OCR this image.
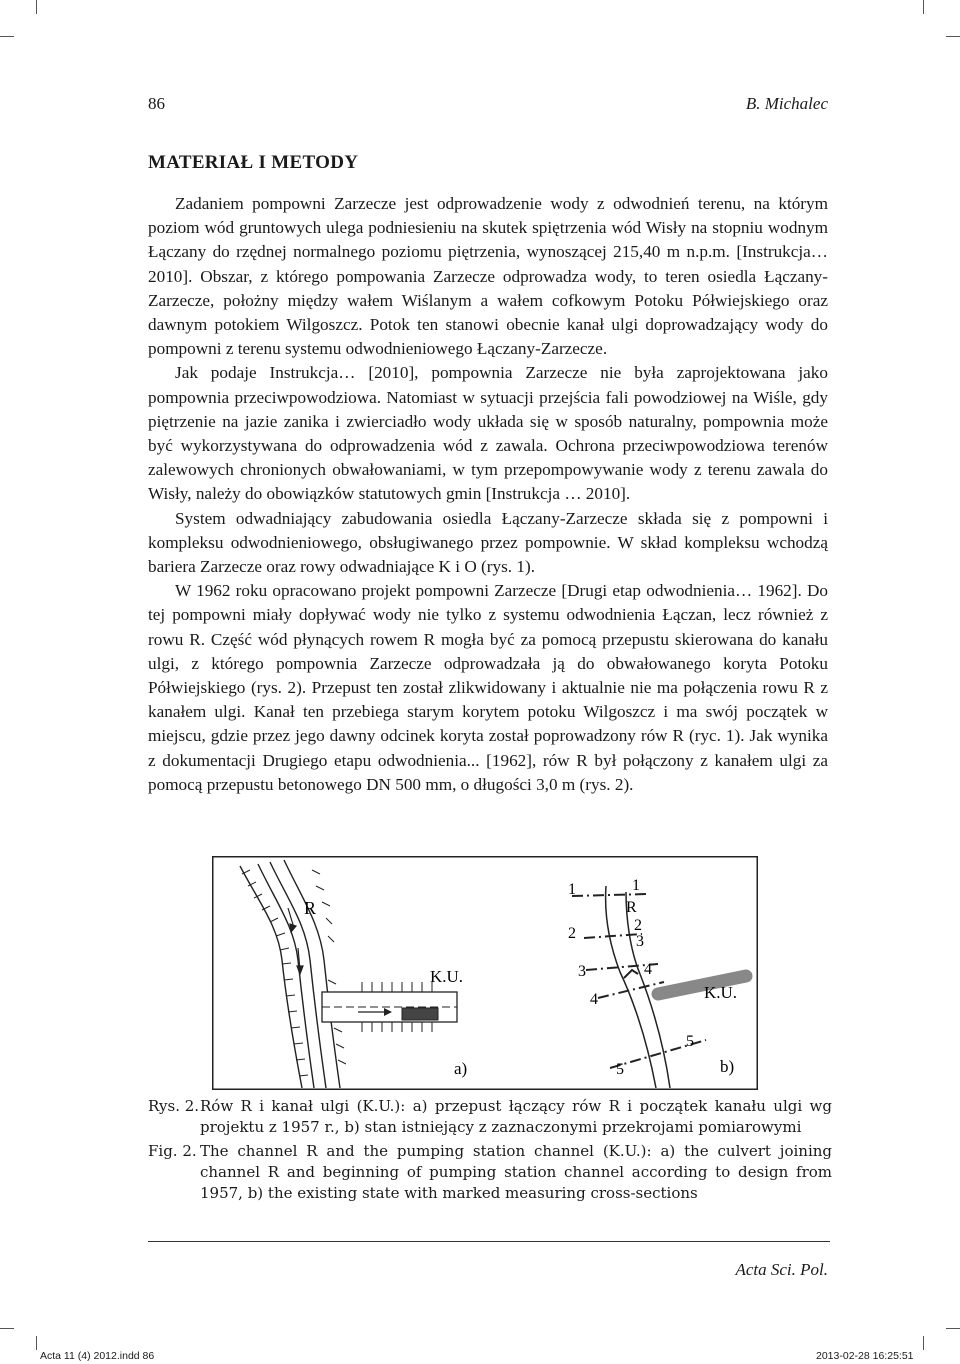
86	B. Michalec
MATERIAŁ I METODY

Zadaniem pompowni Zarzecze jest odprowadzenie wody z odwodnień terenu, na którym poziom wód gruntowych ulega podniesieniu na skutek spiętrzenia wód Wisły na stopniu wodnym Łączany do rzędnej normalnego poziomu piętrzenia, wynoszącej 215,40 m n.p.m. [Instrukcja… 2010]. Obszar, z którego pompowania Zarzecze odprowadza wody, to teren osiedla Łączany-Zarzecze, położny między wałem Wiślanym a wałem cofkowym Potoku Półwiejskiego oraz dawnym potokiem Wilgoszcz. Potok ten stanowi obecnie kanał ulgi doprowadzający wody do pompowni z terenu systemu odwodnieniowego Łączany-Zarzecze.

Jak podaje Instrukcja… [2010], pompownia Zarzecze nie była zaprojektowana jako pompownia przeciwpowodziowa. Natomiast w sytuacji przejścia fali powodziowej na Wiśle, gdy piętrzenie na jazie zanika i zwierciadło wody układa się w sposób naturalny, pompownia może być wykorzystywana do odprowadzenia wód z zawala. Ochrona przeciwpowodziowa terenów zalewowych chronionych obwałowaniami, w tym przepompowywanie wody z terenu zawala do Wisły, należy do obowiązków statutowych gmin [Instrukcja … 2010].

System odwadniający zabudowania osiedla Łączany-Zarzecze składa się z pompowni i kompleksu odwodnieniowego, obsługiwanego przez pompownie. W skład kompleksu wchodzą bariera Zarzecze oraz rowy odwadniające K i O (rys. 1).

W 1962 roku opracowano projekt pompowni Zarzecze [Drugi etap odwodnienia… 1962]. Do tej pompowni miały dopływać wody nie tylko z systemu odwodnienia Łączan, lecz również z rowu R. Część wód płynących rowem R mogła być za pomocą przepustu skierowana do kanału ulgi, z którego pompownia Zarzecze odprowadzała ją do obwałowanego koryta Potoku Półwiejskiego (rys. 2). Przepust ten został zlikwidowany i aktualnie nie ma połączenia rowu R z kanałem ulgi. Kanał ten przebiega starym korytem potoku Wilgoszcz i ma swój początek w miejscu, gdzie przez jego dawny odcinek koryta został poprowadzony rów R (ryc. 1). Jak wynika z dokumentacji Drugiego etapu odwodnienia... [1962], rów R był połączony z kanałem ulgi za pomocą przepustu betonowego DN 500 mm, o długości 3,0 m (rys. 2).

R
K.U.
a)
1	1
R
2	2
3
3	4
4
5
5
K.U.
b)
Rys. 2. Rów R i kanał ulgi (K.U.): a) przepust łączący rów R i początek kanału ulgi wg projektu z 1957 r., b) stan istniejący z zaznaczonymi przekrojami pomiarowymi
Fig. 2. The channel R and the pumping station channel (K.U.): a) the culvert joining channel R and beginning of pumping station channel according to design from 1957, b) the existing state with marked measuring cross-sections
Acta Sci. Pol.
Acta 11 (4) 2012.indd 86	2013-02-28 16:25:51
